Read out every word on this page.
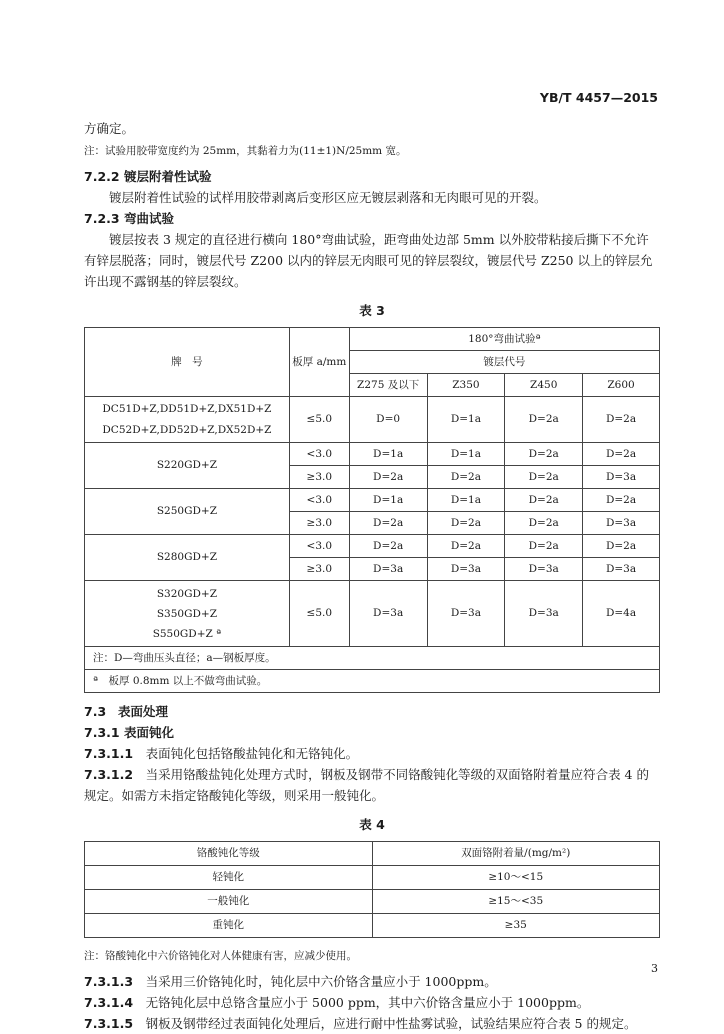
YB/T 4457—2015

方确定。

注：试验用胶带宽度约为 25mm，其黏着力为(11±1)N/25mm 宽。

7.2.2 镀层附着性试验

镀层附着性试验的试样用胶带剥离后变形区应无镀层剥落和无肉眼可见的开裂。

7.2.3 弯曲试验

镀层按表 3 规定的直径进行横向 180°弯曲试验，距弯曲处边部 5mm 以外胶带粘接后撕下不允许有锌层脱落；同时，镀层代号 Z200 以内的锌层无肉眼可见的锌层裂纹，镀层代号 Z250 以上的锌层允许出现不露钢基的锌层裂纹。

表 3
牌　号	板厚 a/mm	180°弯曲试验ª			
		镀层代号			
		Z275 及以下	Z350	Z450	Z600

DC51D+Z,DD51D+Z,DX51D+Z
DC52D+Z,DD52D+Z,DX52D+Z	≤5.0	D=0	D=1a	D=2a	D=2a
S220GD+Z	<3.0	D=1a	D=1a	D=2a	D=2a
	≥3.0	D=2a	D=2a	D=2a	D=3a
S250GD+Z	<3.0	D=1a	D=1a	D=2a	D=2a
	≥3.0	D=2a	D=2a	D=2a	D=3a
S280GD+Z	<3.0	D=2a	D=2a	D=2a	D=2a
	≥3.0	D=3a	D=3a	D=3a	D=3a

S320GD+Z
S350GD+Z
S550GD+Z ª	≤5.0	D=3a	D=3a	D=3a	D=4a
注：D—弯曲压头直径；a—钢板厚度。					
ª　板厚 0.8mm 以上不做弯曲试验。					

7.3 表面处理

7.3.1 表面钝化

7.3.1.1　 表面钝化包括铬酸盐钝化和无铬钝化。

7.3.1.2　 当采用铬酸盐钝化处理方式时，钢板及钢带不同铬酸钝化等级的双面铬附着量应符合表 4 的规定。如需方未指定铬酸钝化等级，则采用一般钝化。

表 4
铬酸钝化等级	双面铬附着量/(mg/m²)
轻钝化	≥10～<15
一般钝化	≥15～<35
重钝化	≥35

注：铬酸钝化中六价铬钝化对人体健康有害，应减少使用。

7.3.1.3　 当采用三价铬钝化时，钝化层中六价铬含量应小于 1000ppm。

7.3.1.4　 无铬钝化层中总铬含量应小于 5000 ppm，其中六价铬含量应小于 1000ppm。

7.3.1.5　 钢板及钢带经过表面钝化处理后，应进行耐中性盐雾试验，试验结果应符合表 5 的规定。

3
